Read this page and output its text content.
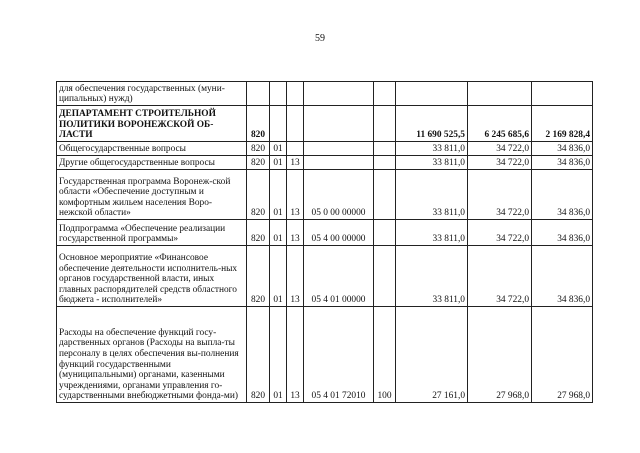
59
для обеспечения государственных (муни-ципальных) нужд)								
ДЕПАРТАМЕНТ СТРОИТЕЛЬНОЙ ПОЛИТИКИ ВОРОНЕЖСКОЙ ОБ-ЛАСТИ	820					11 690 525,5	6 245 685,6	2 169 828,4
Общегосударственные вопросы	820	01				33 811,0	34 722,0	34 836,0
Другие общегосударственные вопросы	820	01	13			33 811,0	34 722,0	34 836,0
Государственная программа Воронеж-ской области «Обеспечение доступным и комфортным жильем населения Воро-нежской области»	820	01	13	05 0 00 00000		33 811,0	34 722,0	34 836,0
Подпрограмма «Обеспечение реализации государственной программы»	820	01	13	05 4 00 00000		33 811,0	34 722,0	34 836,0
Основное мероприятие «Финансовое обеспечение деятельности исполнитель-ных органов государственной власти, иных главных распорядителей средств областного бюджета - исполнителей»	820	01	13	05 4 01 00000		33 811,0	34 722,0	34 836,0
Расходы на обеспечение функций госу-дарственных органов (Расходы на выпла-ты персоналу в целях обеспечения вы-полнения функций государственными (муниципальными) органами, казенными учреждениями, органами управления го-сударственными внебюджетными фонда-ми)	820	01	13	05 4 01 72010	100	27 161,0	27 968,0	27 968,0
